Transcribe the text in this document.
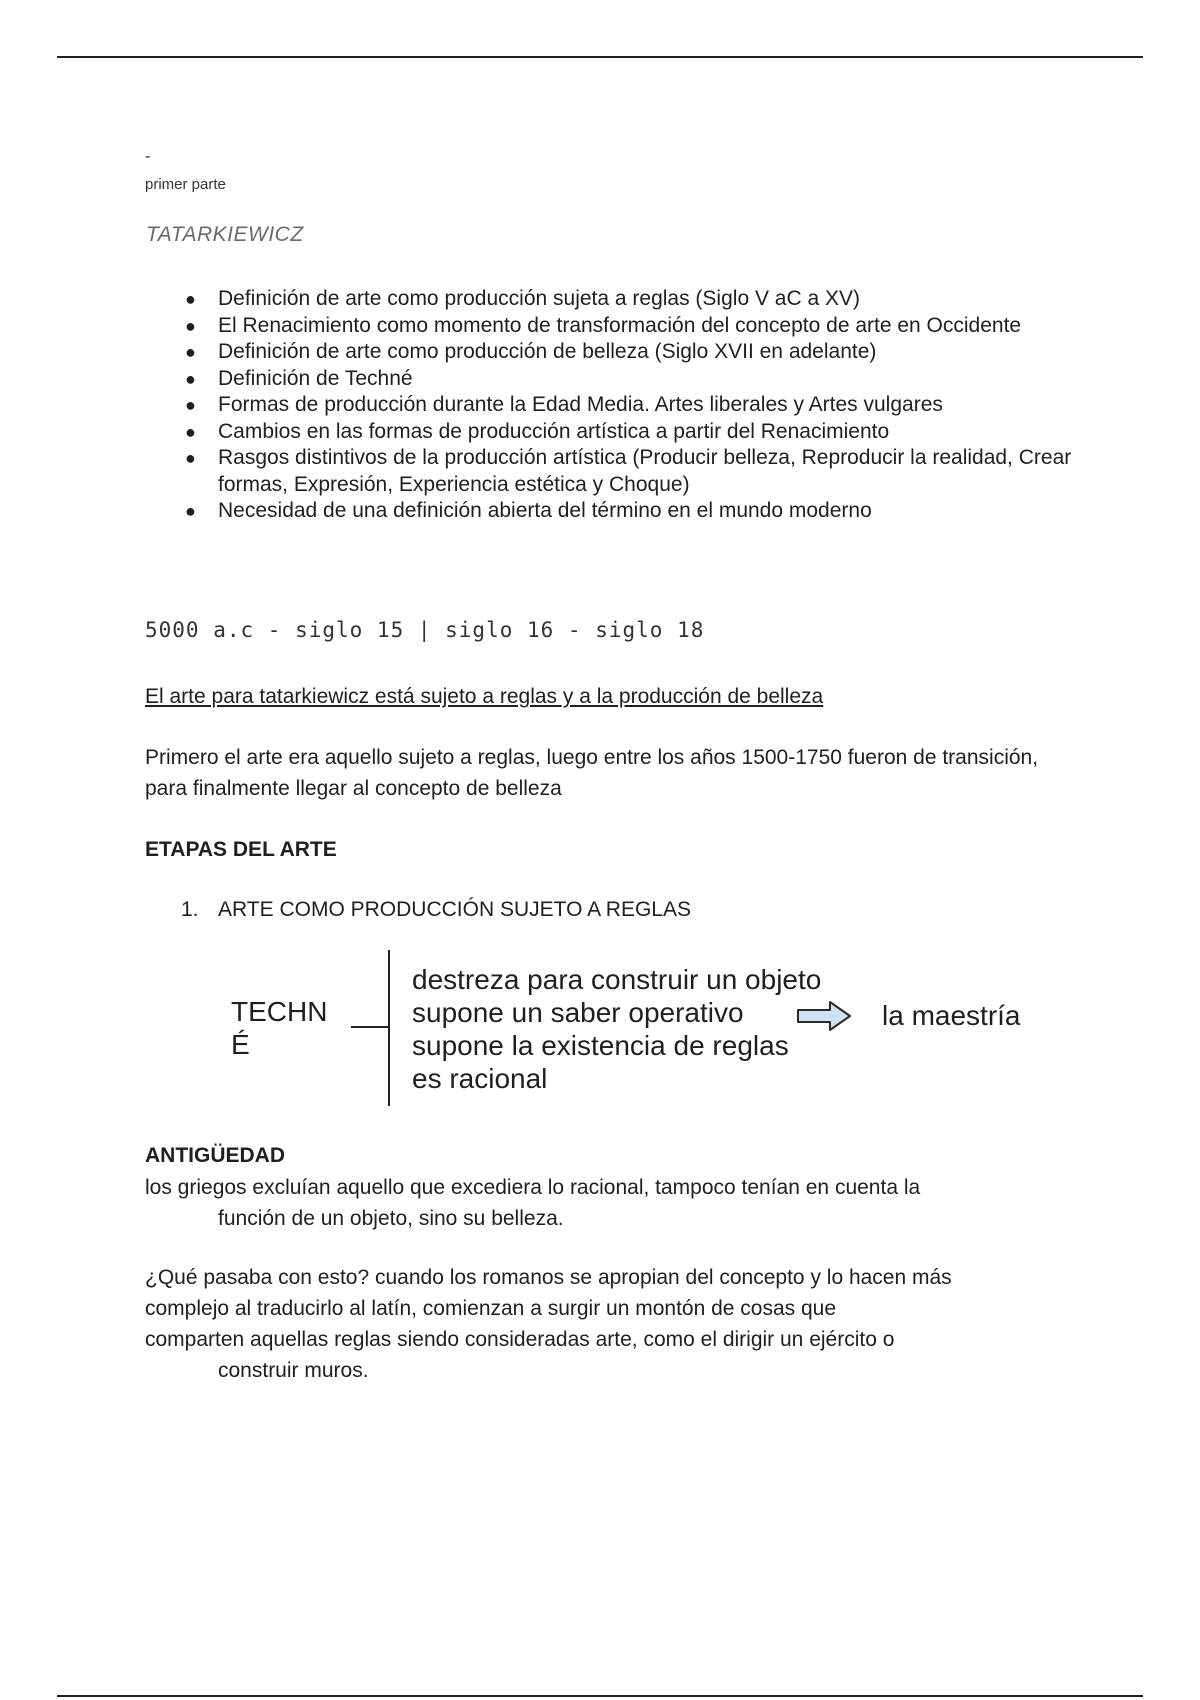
-
primer parte
TATARKIEWICZ
● Definición de arte como producción sujeta a reglas (Siglo V aC a XV)
● El Renacimiento como momento de transformación del concepto de arte en Occidente
● Definición de arte como producción de belleza (Siglo XVII en adelante)
● Definición de Techné
● Formas de producción durante la Edad Media. Artes liberales y Artes vulgares
● Cambios en las formas de producción artística a partir del Renacimiento
● Rasgos distintivos de la producción artística (Producir belleza, Reproducir la realidad, Crear formas, Expresión, Experiencia estética y Choque)
● Necesidad de una definición abierta del término en el mundo moderno
5000 a.c - siglo 15 | siglo 16 - siglo 18
El arte para tatarkiewicz está sujeto a reglas y a la producción de belleza
Primero el arte era aquello sujeto a reglas, luego entre los años 1500-1750 fueron de transición, para finalmente llegar al concepto de belleza
ETAPAS DEL ARTE
1. ARTE COMO PRODUCCIÓN SUJETO A REGLAS
TECHNÉ
destreza para construir un objeto
supone un saber operativo
supone la existencia de reglas
es racional
la maestría
ANTIGÜEDAD
los griegos excluían aquello que excediera lo racional, tampoco tenían en cuenta la
función de un objeto, sino su belleza.
¿Qué pasaba con esto? cuando los romanos se apropian del concepto y lo hacen más
complejo al traducirlo al latín, comienzan a surgir un montón de cosas que
comparten aquellas reglas siendo consideradas arte, como el dirigir un ejército o
construir muros.
